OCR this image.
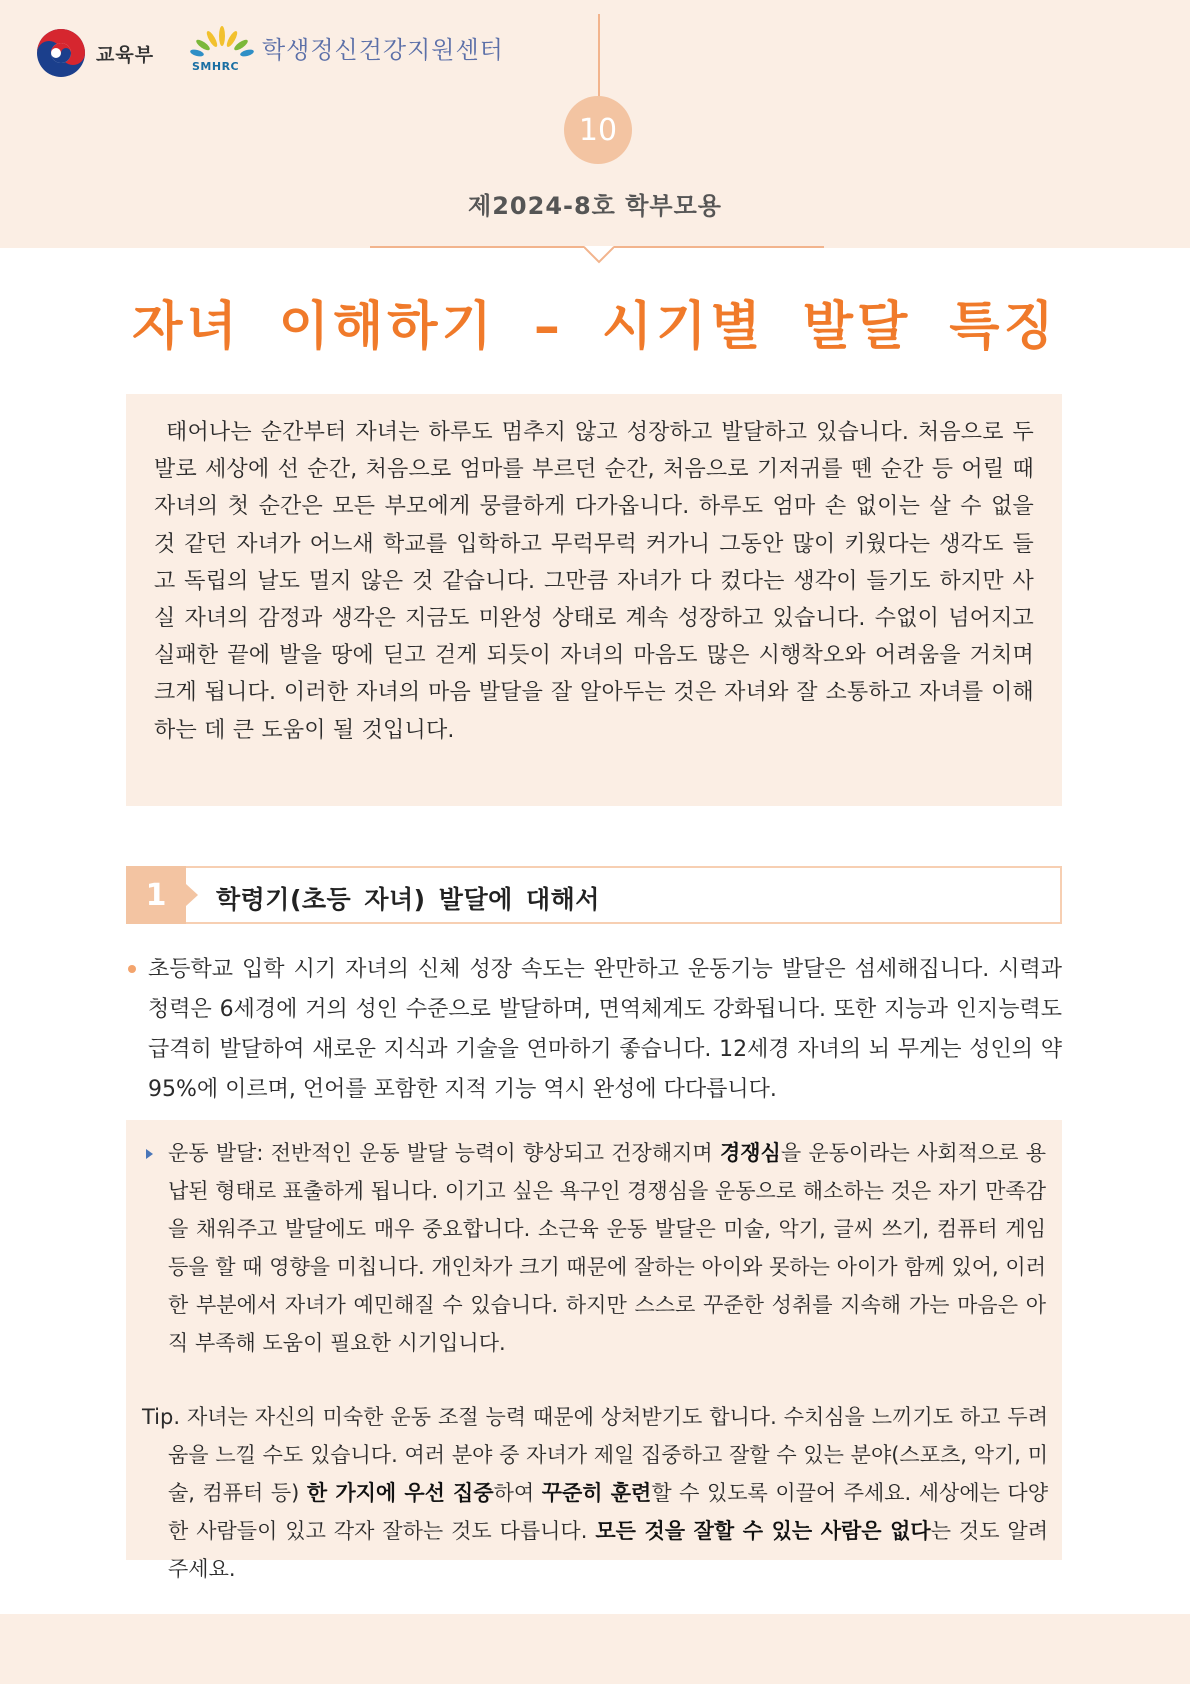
교육부
SMHRC
학생정신건강지원센터
10
제2024-8호 학부모용
자녀 이해하기 – 시기별 발달 특징

태어나는 순간부터 자녀는 하루도 멈추지 않고 성장하고 발달하고 있습니다. 처음으로 두 발로 세상에 선 순간, 처음으로 엄마를 부르던 순간, 처음으로 기저귀를 뗀 순간 등 어릴 때 자녀의 첫 순간은 모든 부모에게 뭉클하게 다가옵니다. 하루도 엄마 손 없이는 살 수 없을 것 같던 자녀가 어느새 학교를 입학하고 무럭무럭 커가니 그동안 많이 키웠다는 생각도 들고 독립의 날도 멀지 않은 것 같습니다. 그만큼 자녀가 다 컸다는 생각이 들기도 하지만 사실 자녀의 감정과 생각은 지금도 미완성 상태로 계속 성장하고 있습니다. 수없이 넘어지고 실패한 끝에 발을 땅에 딛고 걷게 되듯이 자녀의 마음도 많은 시행착오와 어려움을 거치며 크게 됩니다. 이러한 자녀의 마음 발달을 잘 알아두는 것은 자녀와 잘 소통하고 자녀를 이해하는 데 큰 도움이 될 것입니다.

1	학령기(초등 자녀) 발달에 대해서

초등학교 입학 시기 자녀의 신체 성장 속도는 완만하고 운동기능 발달은 섬세해집니다. 시력과 청력은 6세경에 거의 성인 수준으로 발달하며, 면역체계도 강화됩니다. 또한 지능과 인지능력도 급격히 발달하여 새로운 지식과 기술을 연마하기 좋습니다. 12세경 자녀의 뇌 무게는 성인의 약 95%에 이르며, 언어를 포함한 지적 기능 역시 완성에 다다릅니다.

운동 발달: 전반적인 운동 발달 능력이 향상되고 건장해지며 경쟁심을 운동이라는 사회적으로 용납된 형태로 표출하게 됩니다. 이기고 싶은 욕구인 경쟁심을 운동으로 해소하는 것은 자기 만족감을 채워주고 발달에도 매우 중요합니다. 소근육 운동 발달은 미술, 악기, 글씨 쓰기, 컴퓨터 게임 등을 할 때 영향을 미칩니다. 개인차가 크기 때문에 잘하는 아이와 못하는 아이가 함께 있어, 이러한 부분에서 자녀가 예민해질 수 있습니다. 하지만 스스로 꾸준한 성취를 지속해 가는 마음은 아직 부족해 도움이 필요한 시기입니다.

Tip. 자녀는 자신의 미숙한 운동 조절 능력 때문에 상처받기도 합니다. 수치심을 느끼기도 하고 두려움을 느낄 수도 있습니다. 여러 분야 중 자녀가 제일 집중하고 잘할 수 있는 분야(스포츠, 악기, 미술, 컴퓨터 등) 한 가지에 우선 집중하여 꾸준히 훈련할 수 있도록 이끌어 주세요. 세상에는 다양한 사람들이 있고 각자 잘하는 것도 다릅니다. 모든 것을 잘할 수 있는 사람은 없다는 것도 알려주세요.
